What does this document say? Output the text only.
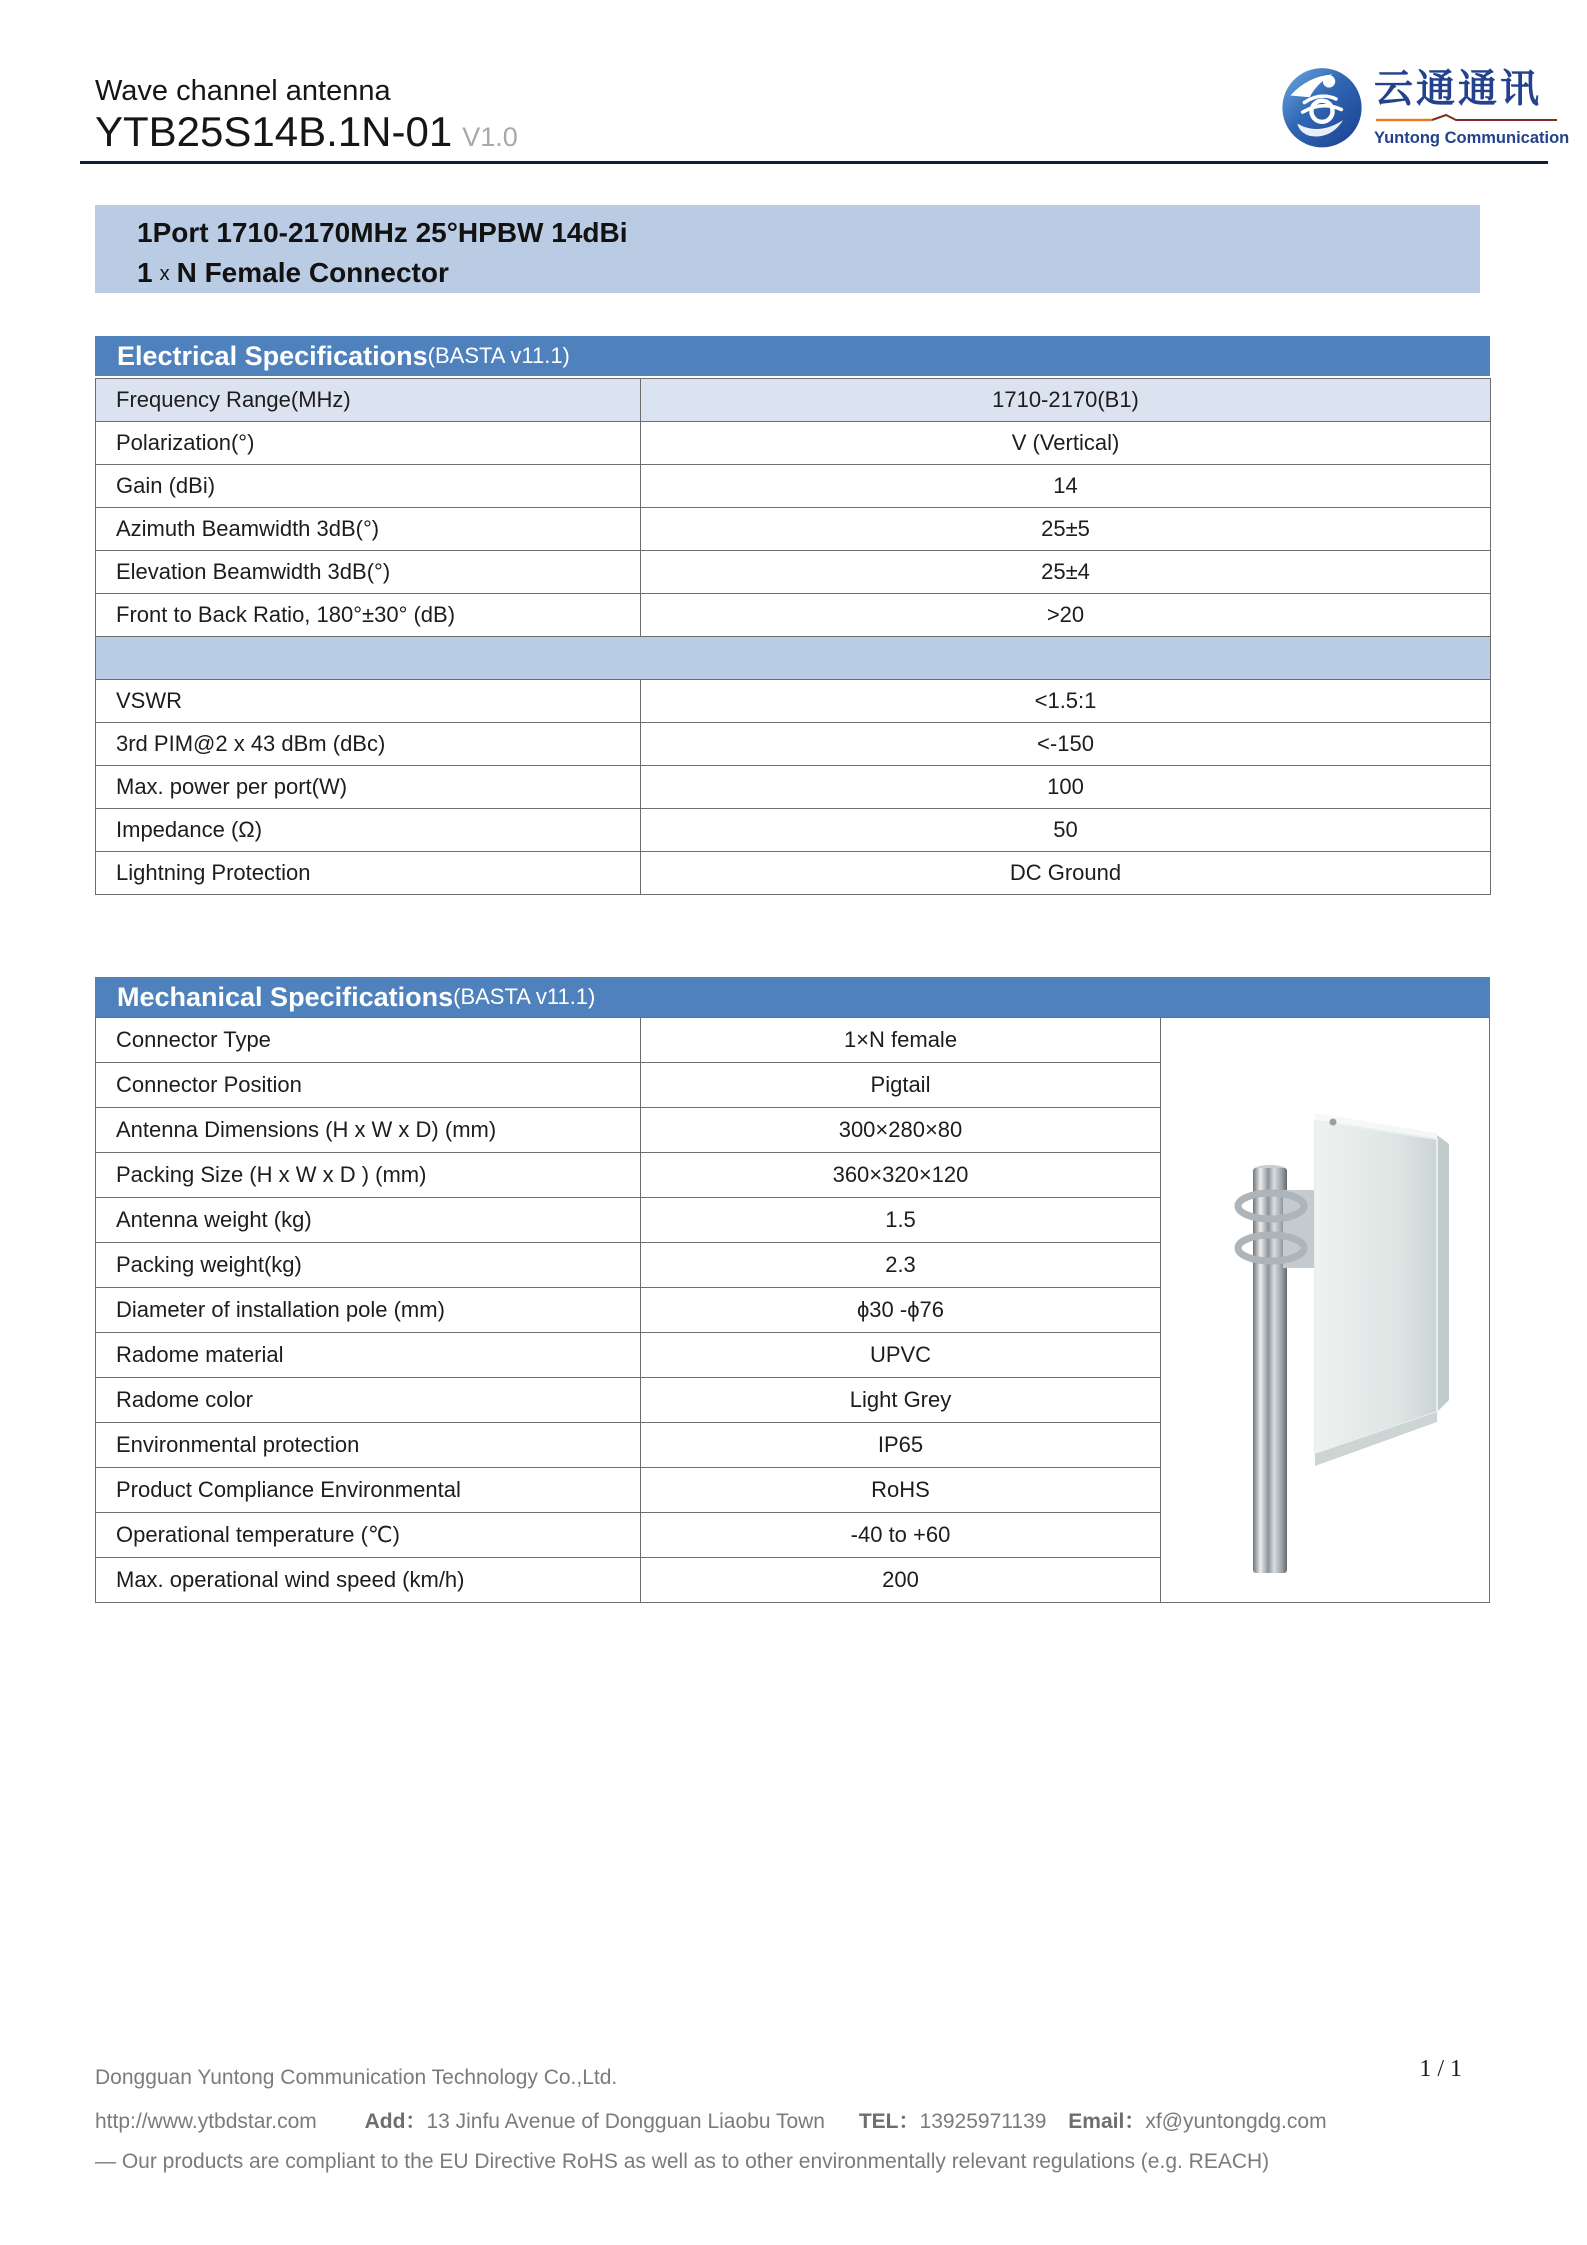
Wave channel antenna
YTB25S14B.1N-01 V1.0
云通通讯
Yuntong Communication
1Port 1710-2170MHz 25°HPBW 14dBi
1 x N Female Connector
Electrical Specifications (BASTA v11.1)
Frequency Range(MHz)	1710-2170(B1)
Polarization(°)	V (Vertical)
Gain (dBi)	14
Azimuth Beamwidth 3dB(°)	25±5
Elevation Beamwidth 3dB(°)	25±4
Front to Back Ratio, 180°±30° (dB)	>20

VSWR	<1.5:1
3rd PIM@2 x 43 dBm (dBc)	<-150
Max. power per port(W)	100
Impedance (Ω)	50
Lightning Protection	DC Ground
Mechanical Specifications (BASTA v11.1)
Connector Type	1×N female
Connector Position	Pigtail
Antenna Dimensions (H x W x D) (mm)	300×280×80
Packing Size (H x W x D ) (mm)	360×320×120
Antenna weight (kg)	1.5
Packing weight(kg)	2.3
Diameter of installation pole (mm)	ϕ30 -ϕ76
Radome material	UPVC
Radome color	Light Grey
Environmental protection	IP65
Product Compliance Environmental	RoHS
Operational temperature (℃)	-40 to +60
Max. operational wind speed (km/h)	200
1 / 1
Dongguan Yuntong Communication Technology Co.,Ltd.
http://www.ytbdstar.com Add：13 Jinfu Avenue of Dongguan Liaobu Town TEL：13925971139 Email：xf@yuntongdg.com
— Our products are compliant to the EU Directive RoHS as well as to other environmentally relevant regulations (e.g. REACH)
